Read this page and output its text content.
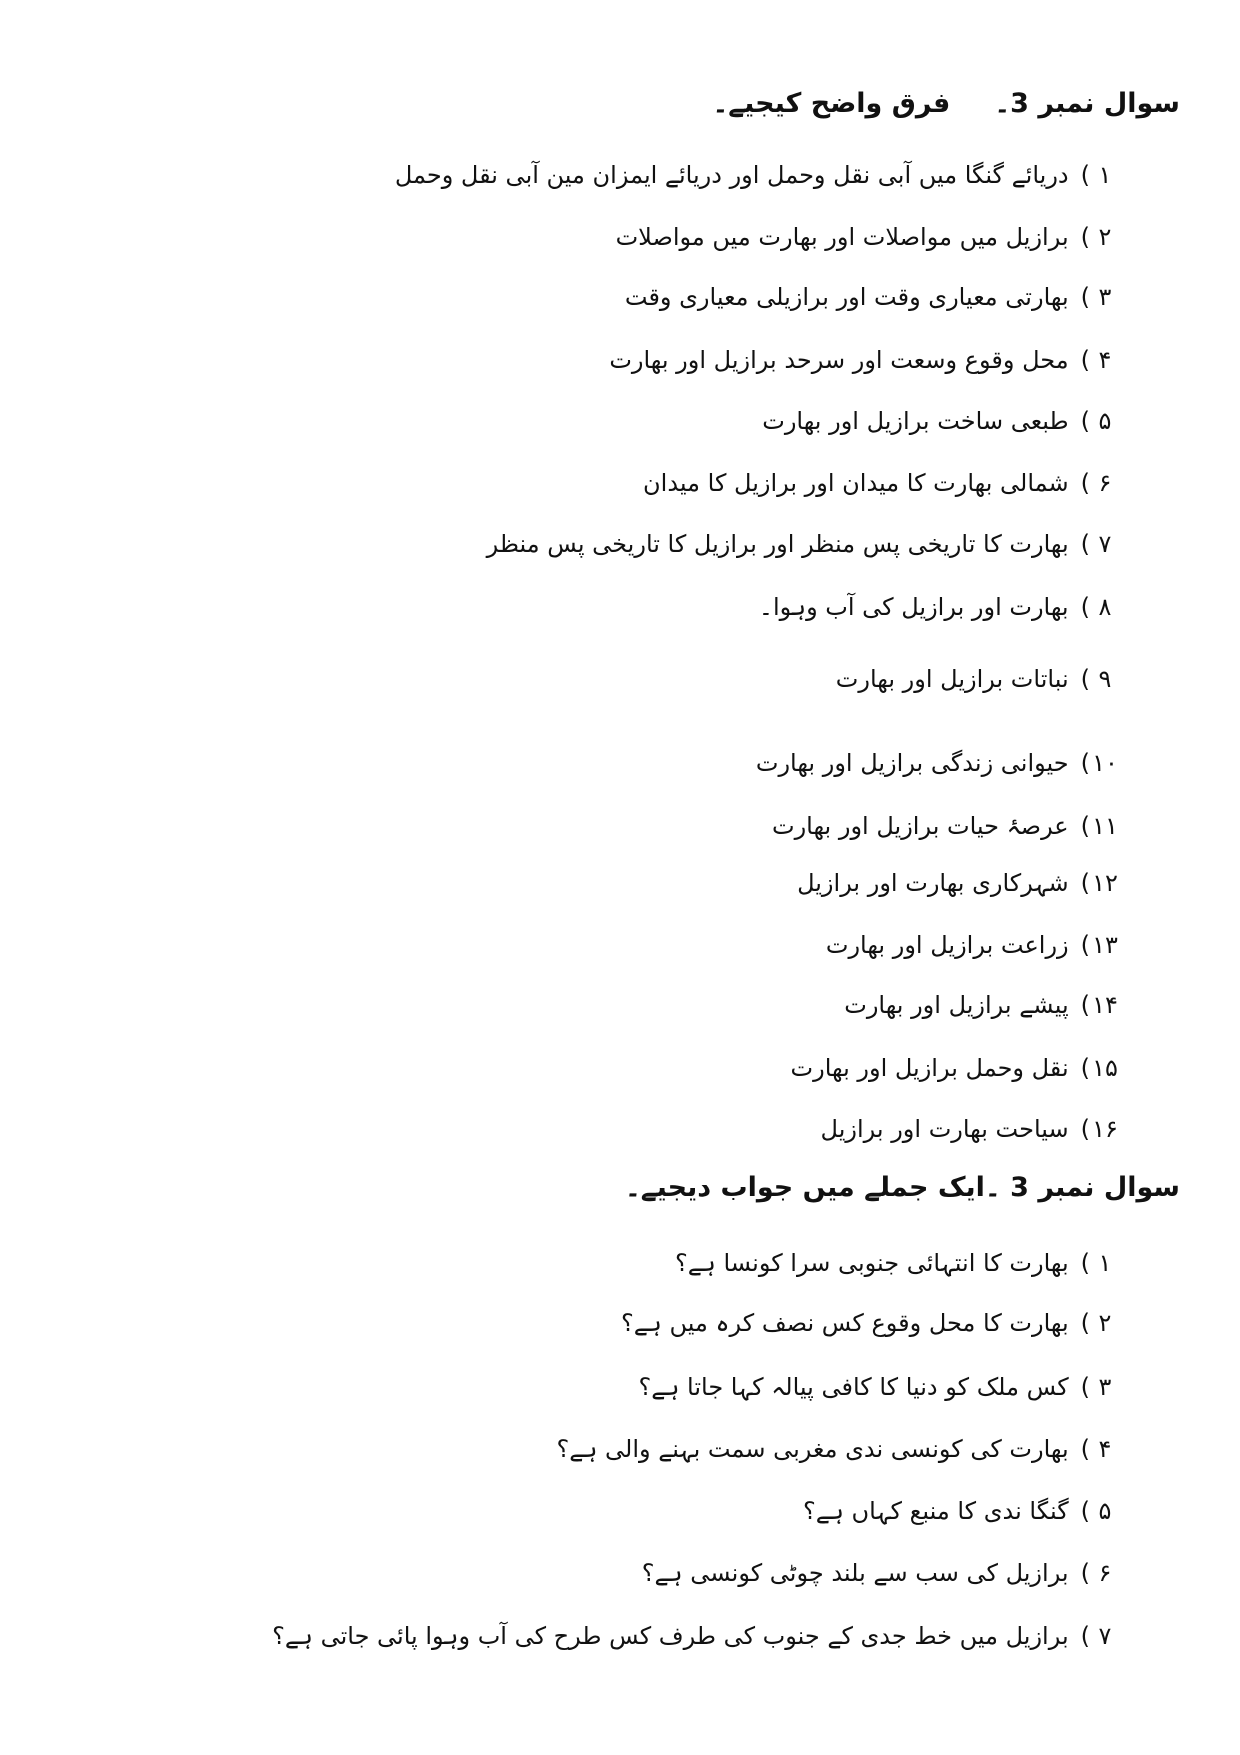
سوال نمبر 3۔فرق واضح کیجیے۔
۱)دریائے گنگا میں آبی نقل وحمل اور دریائے ایمزان مین آبی نقل وحمل
۲)برازیل میں مواصلات اور بھارت میں مواصلات
۳)بھارتی معیاری وقت اور برازیلی معیاری وقت
۴)محل وقوع وسعت اور سرحد برازیل اور بھارت
۵)طبعی ساخت برازیل اور بھارت
۶)شمالی بھارت کا میدان اور برازیل کا میدان
۷)بھارت کا تاریخی پس منظر اور برازیل کا تاریخی پس منظر
۸)بھارت اور برازیل کی آب وہوا۔
۹)نباتات برازیل اور بھارت
۱۰)حیوانی زندگی برازیل اور بھارت
۱۱)عرصۂ حیات برازیل اور بھارت
۱۲)شہرکاری بھارت اور برازیل
۱۳)زراعت برازیل اور بھارت
۱۴)پیشے برازیل اور بھارت
۱۵)نقل وحمل برازیل اور بھارت
۱۶)سیاحت بھارت اور برازیل
سوال نمبر 3 ۔ایک جملے میں جواب دیجیے۔
۱)بھارت کا انتہائی جنوبی سرا کونسا ہے؟
۲)بھارت کا محل وقوع کس نصف کرہ میں ہے؟
۳)کس ملک کو دنیا کا کافی پیالہ کہا جاتا ہے؟
۴)بھارت کی کونسی ندی مغربی سمت بہنے والی ہے؟
۵)گنگا ندی کا منبع کہاں ہے؟
۶)برازیل کی سب سے بلند چوٹی کونسی ہے؟
۷)برازیل میں خط جدی کے جنوب کی طرف کس طرح کی آب وہوا پائی جاتی ہے؟
